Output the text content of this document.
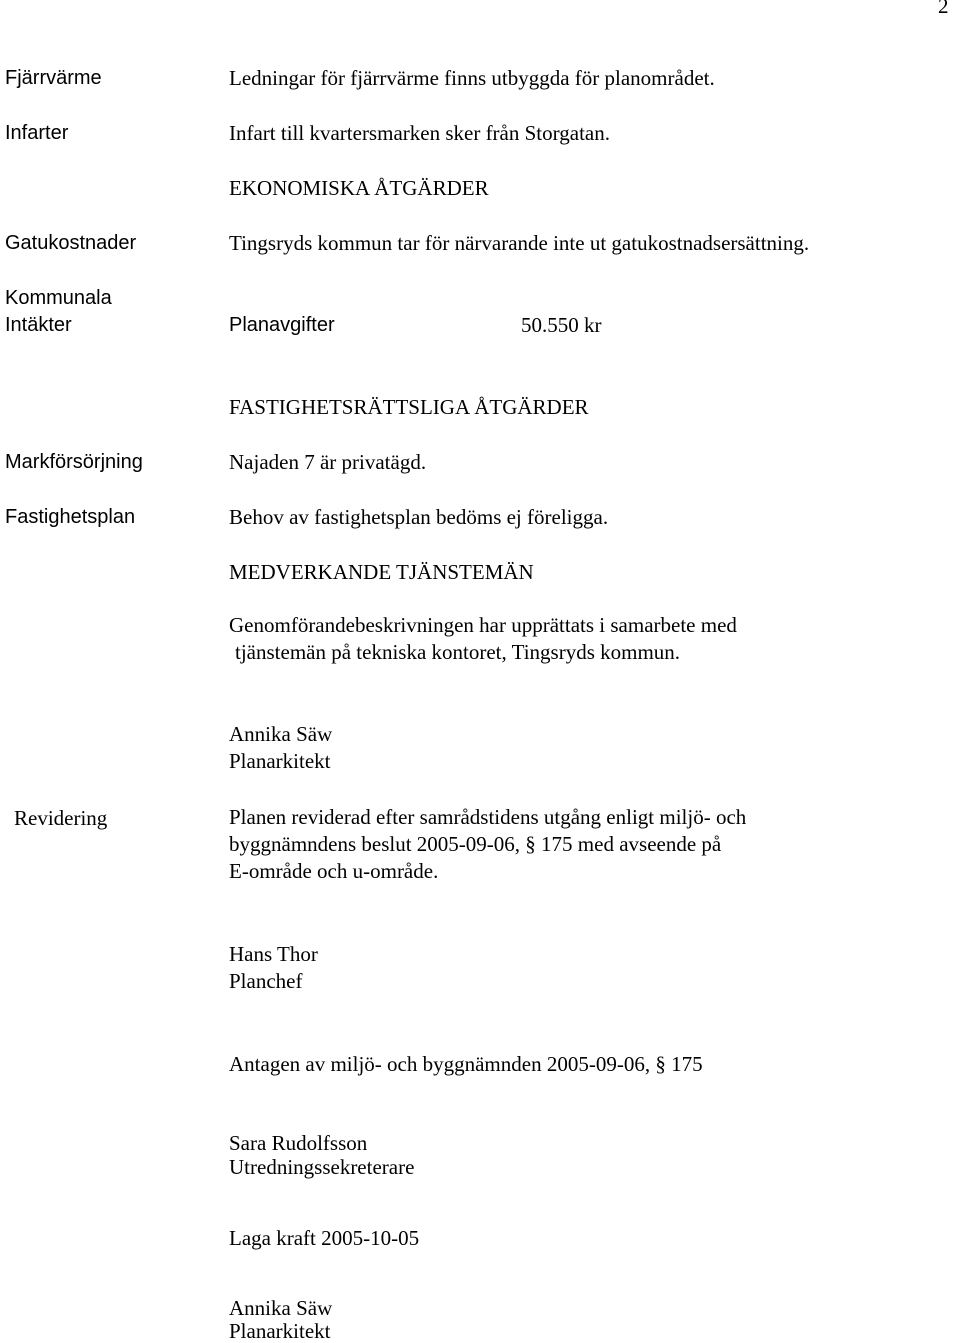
2
Fjärrvärme	Ledningar för fjärrvärme finns utbyggda för planområdet.
Infarter	Infart till kvartersmarken sker från Storgatan.
EKONOMISKA ÅTGÄRDER
Gatukostnader	Tingsryds kommun tar för närvarande inte ut gatukostnadsersättning.
Kommunala
Intäkter	Planavgifter	50.550 kr
FASTIGHETSRÄTTSLIGA ÅTGÄRDER
Markförsörjning	Najaden 7 är privatägd.
Fastighetsplan	Behov av fastighetsplan bedöms ej föreligga.
MEDVERKANDE TJÄNSTEMÄN
Genomförandebeskrivningen har upprättats i samarbete med
tjänstemän på tekniska kontoret, Tingsryds kommun.
Annika Säw
Planarkitekt
Revidering	Planen reviderad efter samrådstidens utgång enligt miljö- och
byggnämndens beslut 2005-09-06, § 175 med avseende på
E-område och u-område.
Hans Thor
Planchef
Antagen av miljö- och byggnämnden 2005-09-06, § 175
Sara Rudolfsson
Utredningssekreterare
Laga kraft 2005-10-05
Annika Säw
Planarkitekt
